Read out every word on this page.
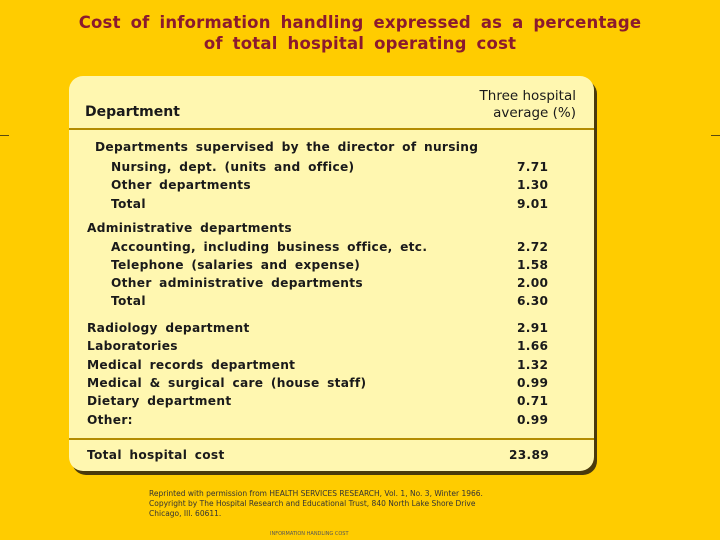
Cost of information handling expressed as a percentage
of total hospital operating cost
Department
Three hospital
average (%)
Departments supervised by the director of nursing
Nursing, dept. (units and office)	7.71
Other departments	1.30
Total	9.01
Administrative departments
Accounting, including business office, etc.	2.72
Telephone (salaries and expense)	1.58
Other administrative departments	2.00
Total	6.30
Radiology department	2.91
Laboratories	1.66
Medical records department	1.32
Medical & surgical care (house staff)	0.99
Dietary department	0.71
Other:	0.99
Total hospital cost	23.89
Reprinted with permission from HEALTH SERVICES RESEARCH, Vol. 1, No. 3, Winter 1966.
Copyright by The Hospital Research and Educational Trust, 840 North Lake Shore Drive
Chicago, Ill. 60611.
INFORMATION HANDLING COST
